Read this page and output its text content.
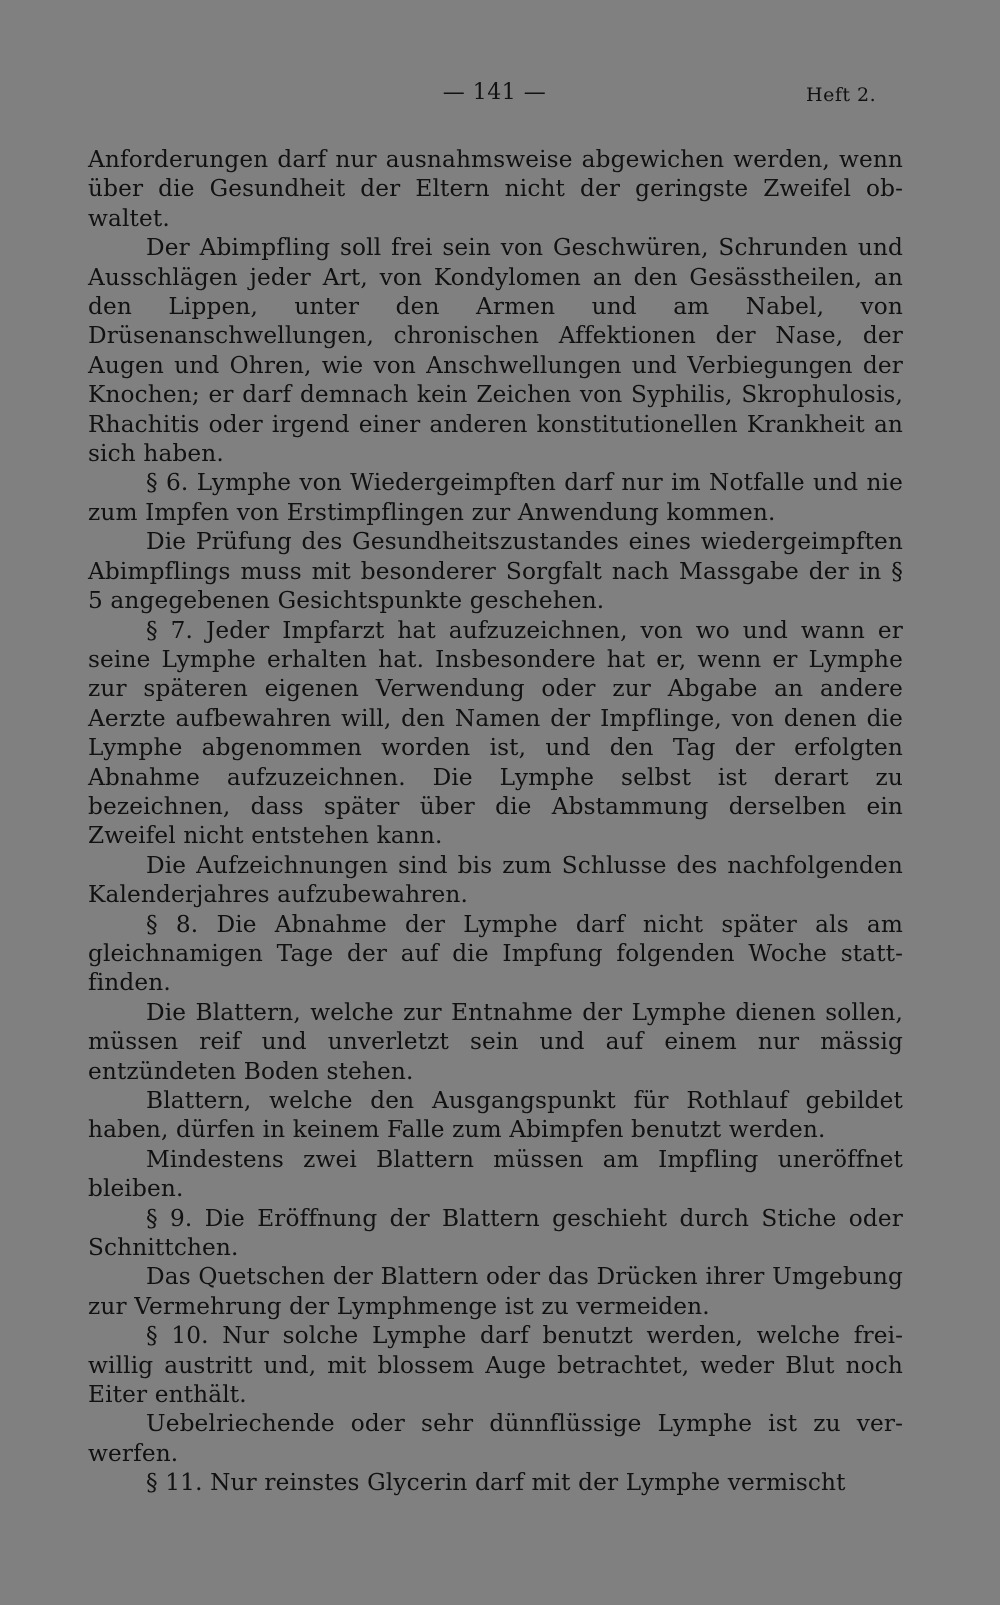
— 141 —	Heft 2.

Anforderungen darf nur ausnahmsweise abgewichen werden, wenn über die Gesundheit der Eltern nicht der geringste Zweifel obwaltet.

Der Abimpfling soll frei sein von Geschwüren, Schrunden und Ausschlägen jeder Art, von Kondylomen an den Gesässtheilen, an den Lippen, unter den Armen und am Nabel, von Drüsenanschwellungen, chronischen Affektionen der Nase, der Augen und Ohren, wie von Anschwellungen und Verbiegungen der Knochen; er darf demnach kein Zeichen von Syphilis, Skrophulosis, Rhachitis oder irgend einer anderen konstitutionellen Krankheit an sich haben.

§ 6. Lymphe von Wiedergeimpften darf nur im Notfalle und nie zum Impfen von Erstimpflingen zur Anwendung kommen.

Die Prüfung des Gesundheitszustandes eines wiedergeimpften Abimpflings muss mit besonderer Sorgfalt nach Massgabe der in § 5 angegebenen Gesichtspunkte geschehen.

§ 7. Jeder Impfarzt hat aufzuzeichnen, von wo und wann er seine Lymphe erhalten hat. Insbesondere hat er, wenn er Lymphe zur späteren eigenen Verwendung oder zur Abgabe an andere Aerzte aufbewahren will, den Namen der Impflinge, von denen die Lymphe abgenommen worden ist, und den Tag der erfolgten Abnahme aufzuzeichnen. Die Lymphe selbst ist derart zu bezeichnen, dass später über die Abstammung derselben ein Zweifel nicht entstehen kann.

Die Aufzeichnungen sind bis zum Schlusse des nachfolgenden Kalenderjahres aufzubewahren.

§ 8. Die Abnahme der Lymphe darf nicht später als am gleichnamigen Tage der auf die Impfung folgenden Woche stattfinden.

Die Blattern, welche zur Entnahme der Lymphe dienen sollen, müssen reif und unverletzt sein und auf einem nur mässig entzündeten Boden stehen.

Blattern, welche den Ausgangspunkt für Rothlauf gebildet haben, dürfen in keinem Falle zum Abimpfen benutzt werden.

Mindestens zwei Blattern müssen am Impfling uneröffnet bleiben.

§ 9. Die Eröffnung der Blattern geschieht durch Stiche oder Schnittchen.

Das Quetschen der Blattern oder das Drücken ihrer Umgebung zur Vermehrung der Lymphmenge ist zu vermeiden.

§ 10. Nur solche Lymphe darf benutzt werden, welche freiwillig austritt und, mit blossem Auge betrachtet, weder Blut noch Eiter enthält.

Uebelriechende oder sehr dünnflüssige Lymphe ist zu verwerfen.

§ 11. Nur reinstes Glycerin darf mit der Lymphe vermischt
